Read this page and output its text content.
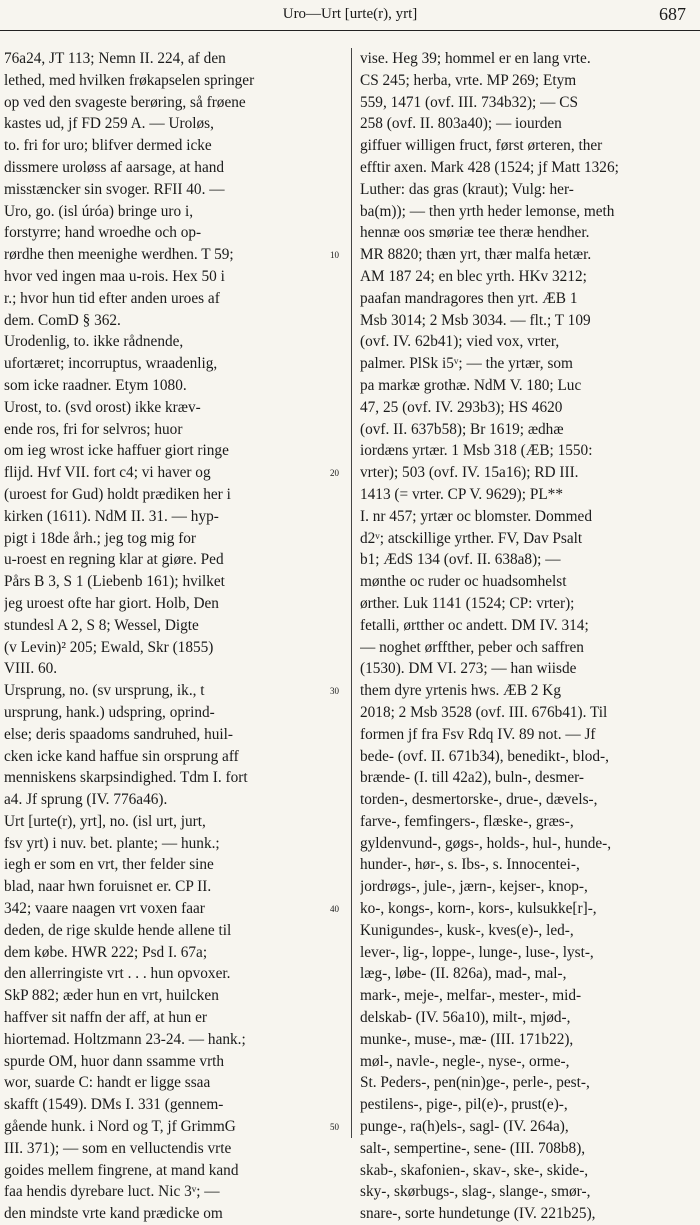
Uro—Urt [urte(r), yrt]	687
76a24, JT 113; Nemn II. 224, af den
lethed, med hvilken frøkapselen springer
op ved den svageste berøring, så frøene
kastes ud, jf FD 259 A. — Uroløs,
to. fri for uro; blifver dermed icke
dissmere uroløss af aarsage, at hand
misstæncker sin svoger. RFII 40. —
Uro, go. (isl úróa) bringe uro i,
forstyrre; hand wroedhe och op-
rørdhe then meenighe werdhen. T 59;
hvor ved ingen maa u-rois. Hex 50 i
r.; hvor hun tid efter anden uroes af
dem. ComD § 362.
Urodenlig, to. ikke rådnende,
ufortæret; incorruptus, wraadenlig,
som icke raadner. Etym 1080.
Urost, to. (svd orost) ikke kræv-
ende ros, fri for selvros; huor
om ieg wrost icke haffuer giort ringe
flijd. Hvf VII. fort c4; vi haver og
(uroest for Gud) holdt prædiken her i
kirken (1611). NdM II. 31. — hyp-
pigt i 18de årh.; jeg tog mig for
u-roest en regning klar at giøre. Ped
Pårs B 3, S 1 (Liebenb 161); hvilket
jeg uroest ofte har giort. Holb, Den
stundesl A 2, S 8; Wessel, Digte
(v Levin)² 205; Ewald, Skr (1855)
VIII. 60.
Ursprung, no. (sv ursprung, ik., t
ursprung, hank.) udspring, oprind-
else; deris spaadoms sandruhed, huil-
cken icke kand haffue sin orsprung aff
menniskens skarpsindighed. Tdm I. fort
a4. Jf sprung (IV. 776a46).
Urt [urte(r), yrt], no. (isl urt, jurt,
fsv yrt) i nuv. bet. plante; — hunk.;
iegh er som en vrt, ther felder sine
blad, naar hwn foruisnet er. CP II.
342; vaare naagen vrt voxen faar
deden, de rige skulde hende allene til
dem købe. HWR 222; Psd I. 67a;
den allerringiste vrt . . . hun opvoxer.
SkP 882; æder hun en vrt, huilcken
haffver sit naffn der aff, at hun er
hiortemad. Holtzmann 23-24. — hank.;
spurde OM, huor dann ssamme vrth
wor, suarde C: handt er ligge ssaa
skafft (1549). DMs I. 331 (gennem-
gående hunk. i Nord og T, jf GrimmG
III. 371); — som en velluctendis vrte
goides mellem fingrene, at mand kand
faa hendis dyrebare luct. Nic 3ᵛ; —
den mindste vrte kand prædicke om
vise. Heg 39; hommel er en lang vrte.
CS 245; herba, vrte. MP 269; Etym
559, 1471 (ovf. III. 734b32); — CS
258 (ovf. II. 803a40); — iourden
giffuer willigen fruct, først ørteren, ther
efftir axen. Mark 428 (1524; jf Matt 1326;
Luther: das gras (kraut); Vulg: her-
ba(m)); — then yrth heder lemonse, meth
hennæ oos smøriæ tee theræ hendher.
MR 8820; thæn yrt, thær malfa hetær.
AM 187 24; en blec yrth. HKv 3212;
paafan mandragores then yrt. ÆB 1
Msb 3014; 2 Msb 3034. — flt.; T 109
(ovf. IV. 62b41); vied vox, vrter,
palmer. PlSk i5ᵛ; — the yrtær, som
pa markæ grothæ. NdM V. 180; Luc
47, 25 (ovf. IV. 293b3); HS 4620
(ovf. II. 637b58); Br 1619; ædhæ
iordæns yrtær. 1 Msb 318 (ÆB; 1550:
vrter); 503 (ovf. IV. 15a16); RD III.
1413 (= vrter. CP V. 9629); PL**
I. nr 457; yrtær oc blomster. Dommed
d2ᵛ; atsckillige yrther. FV, Dav Psalt
b1; ÆdS 134 (ovf. II. 638a8); —
mønthe oc ruder oc huadsomhelst
ørther. Luk 1141 (1524; CP: vrter);
fetalli, ørtther oc andett. DM IV. 314;
— noghet ørffther, peber och saffren
(1530). DM VI. 273; — han wiisde
them dyre yrtenis hws. ÆB 2 Kg
2018; 2 Msb 3528 (ovf. III. 676b41). Til
formen jf fra Fsv Rdq IV. 89 not. — Jf
bede- (ovf. II. 671b34), benedikt-, blod-,
brænde- (I. till 42a2), buln-, desmer-
torden-, desmertorske-, drue-, dævels-,
farve-, femfingers-, flæske-, græs-,
gyldenvund-, gøgs-, holds-, hul-, hunde-,
hunder-, hør-, s. Ibs-, s. Innocentei-,
jordrøgs-, jule-, jærn-, kejser-, knop-,
ko-, kongs-, korn-, kors-, kulsukke[r]-,
Kunigundes-, kusk-, kves(e)-, led-,
lever-, lig-, loppe-, lunge-, luse-, lyst-,
læg-, løbe- (II. 826a), mad-, mal-,
mark-, meje-, melfar-, mester-, mid-
delskab- (IV. 56a10), milt-, mjød-,
munke-, muse-, mæ- (III. 171b22),
møl-, navle-, negle-, nyse-, orme-,
St. Peders-, pen(nin)ge-, perle-, pest-,
pestilens-, pige-, pil(e)-, prust(e)-,
punge-, ra(h)els-, sagl- (IV. 264a),
salt-, sempertine-, sene- (III. 708b8),
skab-, skafonien-, skav-, ske-, skide-,
sky-, skørbugs-, slag-, slange-, smør-,
snare-, sorte hundetunge (IV. 221b25),
10
20
30
40
50
